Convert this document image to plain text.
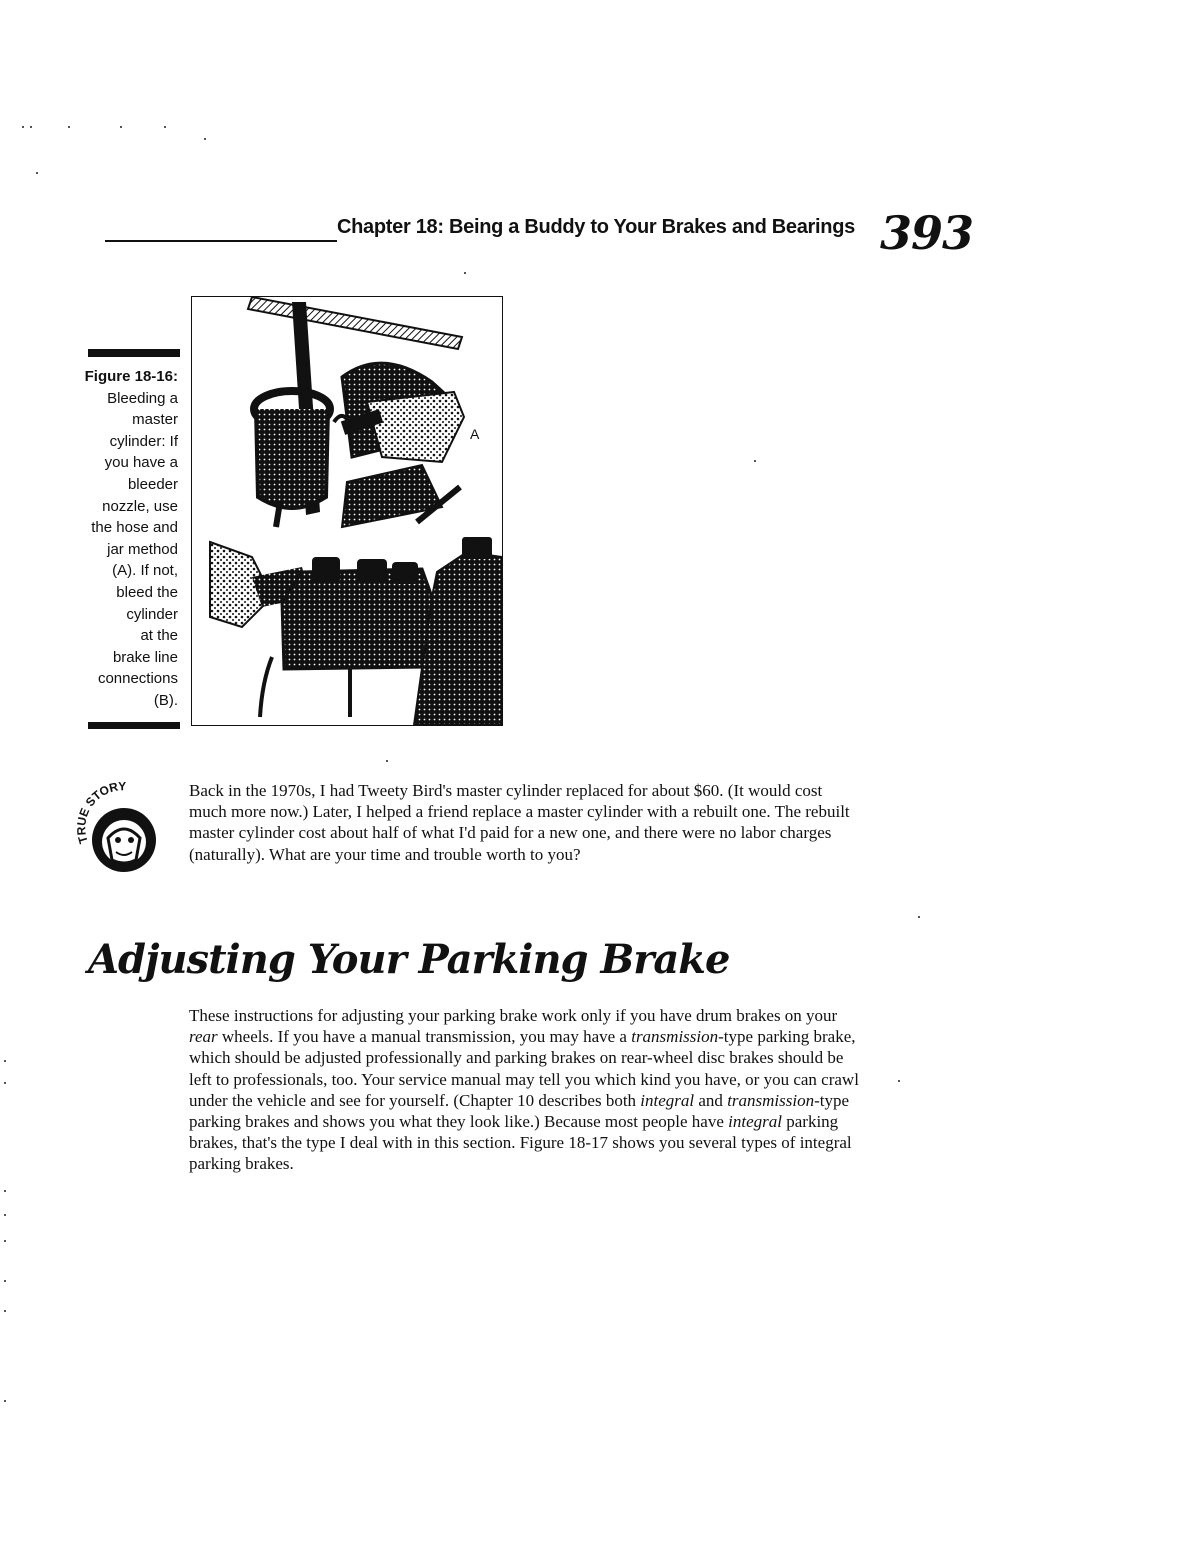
Chapter 18: Being a Buddy to Your Brakes and Bearings 393
Figure 18-16:
Bleeding a
master
cylinder: If
you have a
bleeder
nozzle, use
the hose and
jar method
(A). If not,
bleed the
cylinder
at the
brake line
connections
(B).
A
B
TRUE STORY	Back in the 1970s, I had Tweety Bird's master cylinder replaced for about $60. (It would cost much more now.) Later, I helped a friend replace a master cylinder with a rebuilt one. The rebuilt master cylinder cost about half of what I'd paid for a new one, and there were no labor charges (naturally). What are your time and trouble worth to you?
Adjusting Your Parking Brake
These instructions for adjusting your parking brake work only if you have drum brakes on your rear wheels. If you have a manual transmission, you may have a transmission-type parking brake, which should be adjusted professionally and parking brakes on rear-wheel disc brakes should be left to professionals, too. Your service manual may tell you which kind you have, or you can crawl under the vehicle and see for yourself. (Chapter 10 describes both integral and transmission-type parking brakes and shows you what they look like.) Because most people have integral parking brakes, that's the type I deal with in this section. Figure 18-17 shows you several types of integral parking brakes.
